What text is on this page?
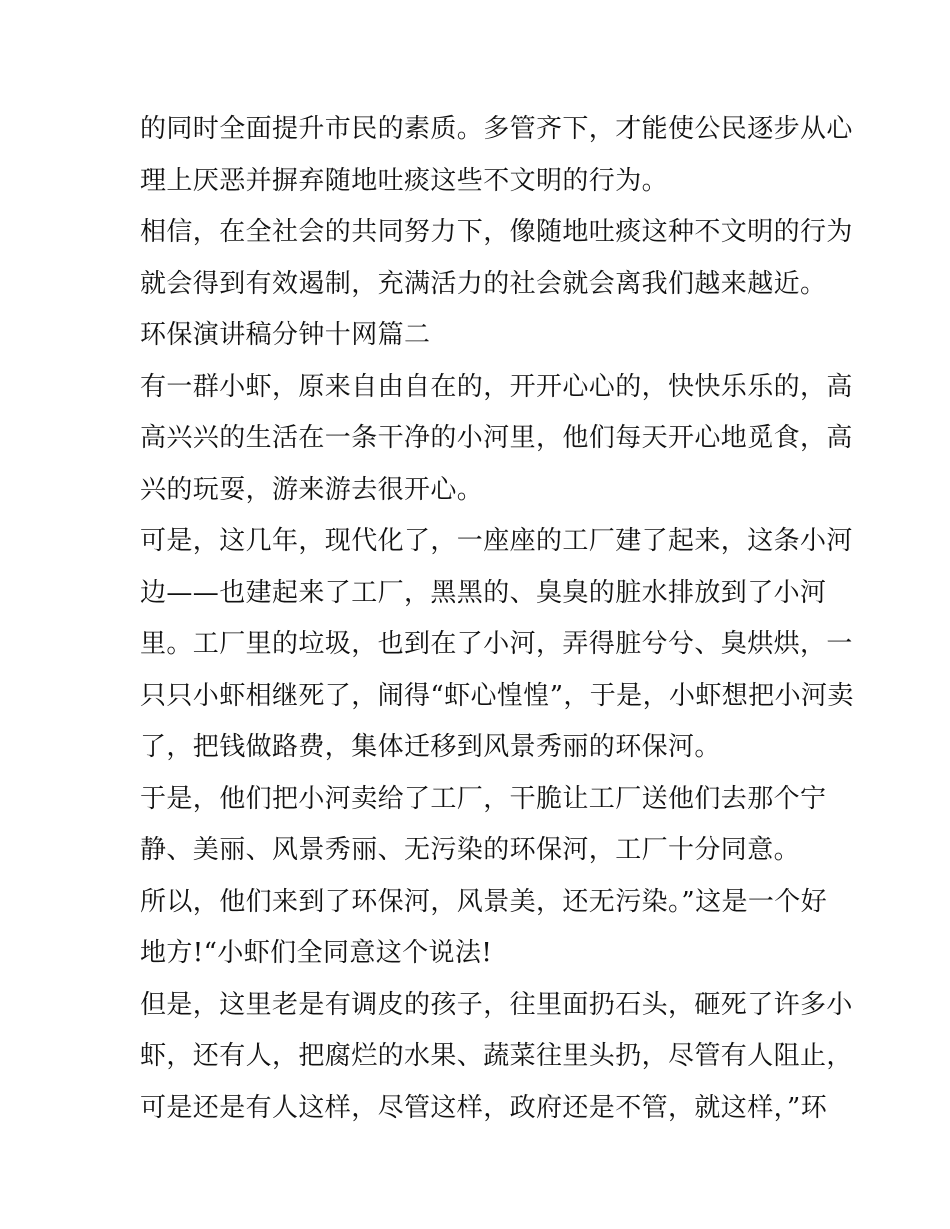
的同时全面提升市民的素质。多管齐下，才能使公民逐步从心
理上厌恶并摒弃随地吐痰这些不文明的行为。
相信，在全社会的共同努力下，像随地吐痰这种不文明的行为
就会得到有效遏制，充满活力的社会就会离我们越来越近。
环保演讲稿分钟十网篇二
有一群小虾，原来自由自在的，开开心心的，快快乐乐的，高
高兴兴的生活在一条干净的小河里，他们每天开心地觅食，高
兴的玩耍，游来游去很开心。
可是，这几年，现代化了，一座座的工厂建了起来，这条小河
边——也建起来了工厂，黑黑的、臭臭的脏水排放到了小河
里。工厂里的垃圾，也到在了小河，弄得脏兮兮、臭烘烘，一
只只小虾相继死了，闹得“虾心惶惶”，于是，小虾想把小河卖
了，把钱做路费，集体迁移到风景秀丽的环保河。
于是，他们把小河卖给了工厂，干脆让工厂送他们去那个宁
静、美丽、风景秀丽、无污染的环保河，工厂十分同意。
所以，他们来到了环保河，风景美，还无污染。”这是一个好
地方!“小虾们全同意这个说法!
但是，这里老是有调皮的孩子，往里面扔石头，砸死了许多小
虾，还有人，把腐烂的水果、蔬菜往里头扔，尽管有人阻止，
可是还是有人这样，尽管这样，政府还是不管，就这样，”环
